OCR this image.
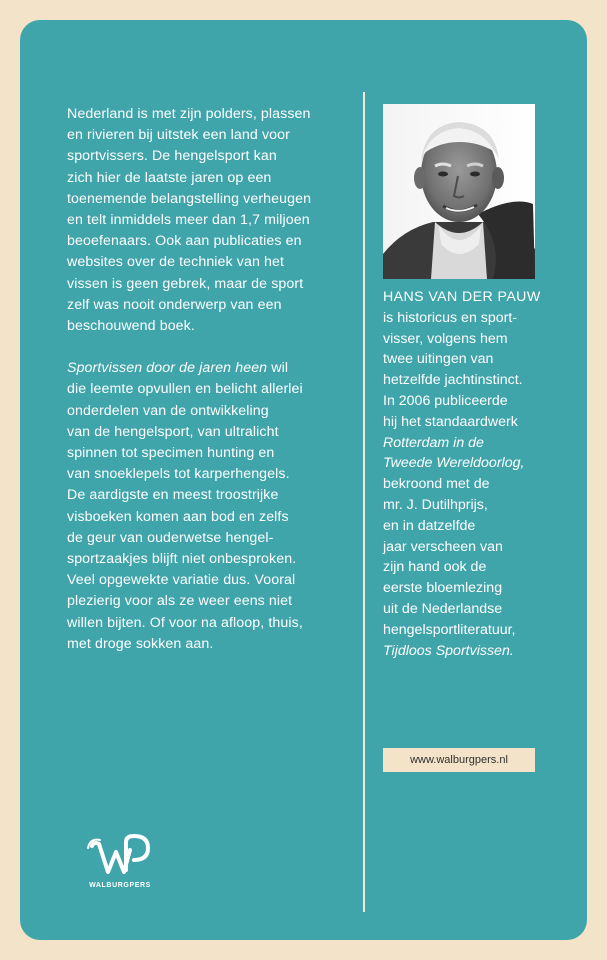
Nederland is met zijn polders, plassen
en rivieren bij uitstek een land voor
sportvissers. De hengelsport kan
zich hier de laatste jaren op een
toenemende belangstelling verheugen
en telt inmiddels meer dan 1,7 miljoen
beoefenaars. Ook aan publicaties en
websites over de techniek van het
vissen is geen gebrek, maar de sport
zelf was nooit onderwerp van een
beschouwend boek.

Sportvissen door de jaren heen wil
die leemte opvullen en belicht allerlei
onderdelen van de ontwikkeling
van de hengelsport, van ultralicht
spinnen tot specimen hunting en
van snoeklepels tot karperhengels.
De aardigste en meest troostrijke
visboeken komen aan bod en zelfs
de geur van ouderwetse hengel-
sportzaakjes blijft niet onbesproken.
Veel opgewekte variatie dus. Vooral
plezierig voor als ze weer eens niet
willen bijten. Of voor na afloop, thuis,
met droge sokken aan.

HANS VAN DER PAUW
is historicus en sport-
visser, volgens hem
twee uitingen van
hetzelfde jachtinstinct.
In 2006 publiceerde
hij het standaardwerk
Rotterdam in de
Tweede Wereldoorlog,
bekroond met de
mr. J. Dutilhprijs,
en in datzelfde
jaar verscheen van
zijn hand ook de
eerste bloemlezing
uit de Nederlandse
hengelsportliteratuur,
Tijdloos Sportvissen.
www.walburgpers.nl
WALBURGPERS
